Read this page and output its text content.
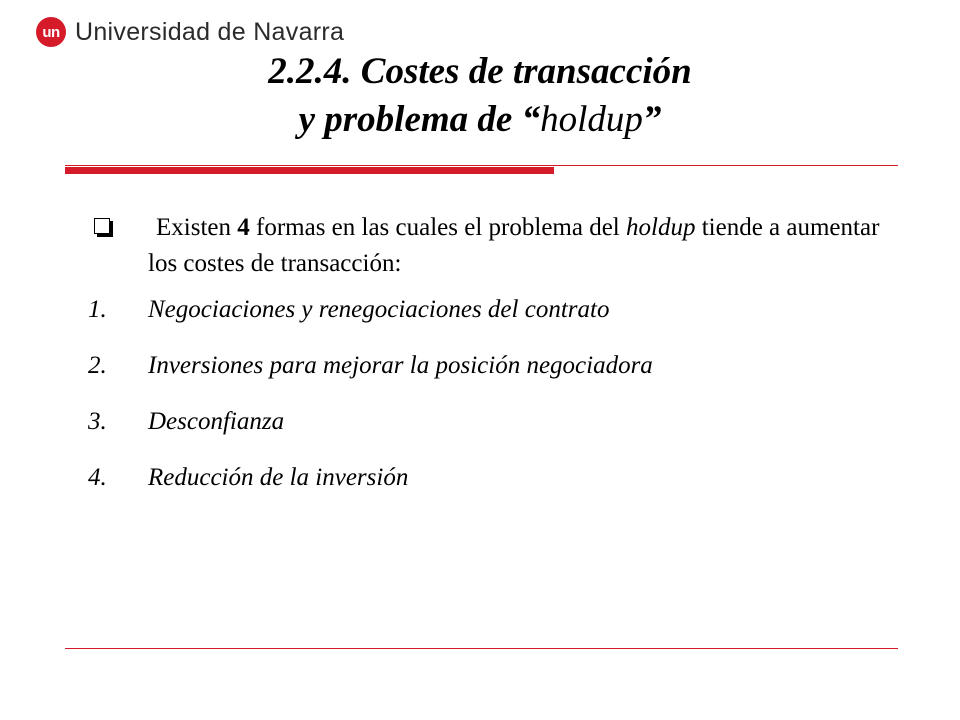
un Universidad de Navarra
2.2.4. Costes de transacción
y problema de “holdup”
Existen 4 formas en las cuales el problema del holdup tiende a aumentar los costes de transacción:
1. Negociaciones y renegociaciones del contrato
2. Inversiones para mejorar la posición negociadora
3. Desconfianza
4. Reducción de la inversión
